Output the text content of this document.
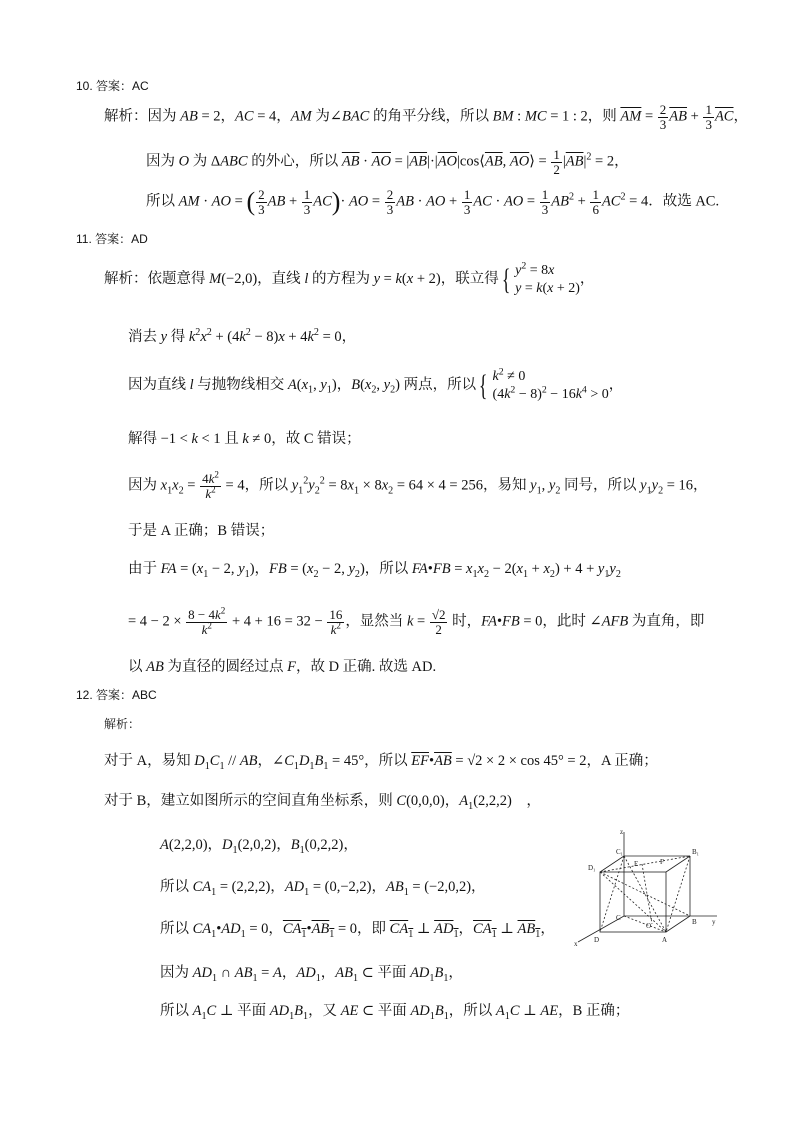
10. 答案：AC
解析：因为 AB = 2，AC = 4，AM 为∠BAC 的角平分线，所以 BM : MC = 1 : 2，则 $\overline{AM} = \frac{2}{3} \overline{AB} + \frac{1}{3} \overline{AC}$，
因为 O 为 ΔABC 的外心，所以 $\overline{AB} \cdot \overline{AO}$ = $|\overline{AB}|\cdot|\overline{AO}|\cos⟨\overline{AB}$, $\overline{AO}⟩ = \frac{1}{2} |\overline{AB}|^2 = 2$，
所以 AM · AO = ( $\frac{2}{3}$ AB + $\frac{1}{3} AC)\cdot$ AO = $\frac{2}{3}$ AB · AO + $\frac{1}{3}$ AC · AO = $\frac{1}{3} AB^2 + \frac{1}{6} AC^2 = 4$．故选 AC.
11. 答案：AD
解析：依题意得 M(−2,0)，直线 l 的方程为 y = k(x + 2)，联立得{ $y^2 = 8x$
y = k(x + 2)，
消去 y 得 $k^2x^2 + (4k^2 - 8)x + 4k^2 = 0$，
因为直线 l 与抛物线相交 $A(x_1$, $y_1$)，$B(x_2$, $y_2$) 两点，所以{ $k^2 \ne 0$
$(4k^2 - 8)^2 - 16k^4 > 0$，
解得 −1 < k < 1 且 k ≠ 0，故 C 错误；
因为 $x_1x_2 = \frac{4k^2}{k^2} = 4$，所以 $y_1^2y_2^2 = 8x_1 \times 8x_2 = 64 \times 4 = 256$，易知 $y_1$, $y_2$ 同号，所以 $y_1y_2 = 16$，
于是 A 正确；B 错误；
由于 FA = ($x_1 - 2$, $y_1$)，FB = ($x_2 - 2$, $y_2$)，所以 FA•FB = $x_1x_2 - 2(x_1 + x_2) + 4 + y_1y_2$
= $4 - 2 \times \frac{8 - 4k^2}{k^2} + 4 + 16 = 32 - \frac{16}{k^2}$ ，显然当 $k = \frac{√2}{2}$ 时，FA•FB = 0，此时 ∠AFB 为直角，即
以 AB 为直径的圆经过点 F，故 D 正确. 故选 AD.
12. 答案：ABC
解析：
对于 A，易知 $D_1C_1$ // AB，$\angle C_1D_1B_1 = 45^\circ$，所以 $\overline{EF}•\overline{AB} = √2 \times 2 \times \cos 45^\circ = 2$，A 正确；
对于 B，建立如图所示的空间直角坐标系，则 C(0,0,0)，$A_1(2,2,2)$　，
A(2,2,0)，$D_1(2,0,2)$，$B_1(0,2,2)$，
所以 $CA_1 = (2,2,2)$，$AD_1 = (0,-2,2)$，$AB_1 = (-2,0,2)$，
所以 $CA_1•AD_1 = 0$，$CA_1•AB_1 = 0$，即 $CA_1$ ⊥ $AD_1$，$CA_1$ ⊥ $AB_1$，
因为 $AD_1$ ∩ $AB_1 = A$，$AD_1$，$AB_1$ ⊂ 平面 $AD_1B_1$，
所以 $A_1C$ ⊥ 平面 $AD_1B_1$，又 AE ⊂ 平面 $AD_1B_1$，所以 $A_1C$ ⊥ AE，B 正确；
z
C₁
D₁
B₁
F
E
C
O	y
x D	A
B
